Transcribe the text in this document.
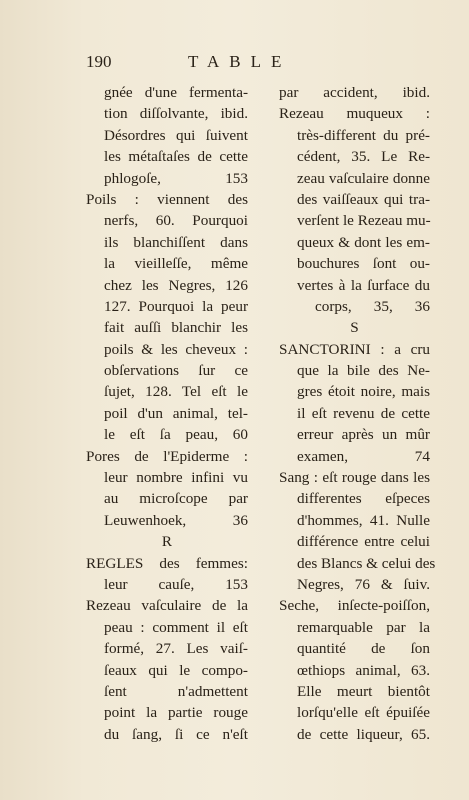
190	TABLE
gnée d'une fermenta-
tion diſſolvante, ibid.
Désordres qui ſuivent
les métaſtaſes de cette
phlogoſe, 153
Poils : viennent des
nerfs, 60. Pourquoi
ils blanchiſſent dans
la vieilleſſe, même
chez les Negres, 126
127. Pourquoi la peur
fait auſſi blanchir les
poils & les cheveux :
obſervations ſur ce
ſujet, 128. Tel eſt le
poil d'un animal, tel-
le eſt ſa peau, 60
Pores de l'Epiderme :
leur nombre infini vu
au microſcope par
Leuwenhoek, 36
R
REGLES des femmes:
leur cauſe, 153
Rezeau vaſculaire de la
peau : comment il eſt
formé, 27. Les vaiſ-
ſeaux qui le compo-
ſent n'admettent
point la partie rouge
du ſang, ſi ce n'eſt
par accident, ibid.
Rezeau muqueux :
très-different du pré-
cédent, 35. Le Re-
zeau vaſculaire donne
des vaiſſeaux qui tra-
verſent le Rezeau mu-
queux & dont les em-
bouchures ſont ou-
vertes à la ſurface du
corps, 35, 36
S
SANCTORINI : a cru
que la bile des Ne-
gres étoit noire, mais
il eſt revenu de cette
erreur après un mûr
examen, 74
Sang : eſt rouge dans les
differentes eſpeces
d'hommes, 41. Nulle
différence entre celui
des Blancs & celui des
Negres, 76 & ſuiv.
Seche, inſecte-poiſſon,
remarquable par la
quantité de ſon
œthiops animal, 63.
Elle meurt bientôt
lorſqu'elle eſt épuiſée
de cette liqueur, 65.
